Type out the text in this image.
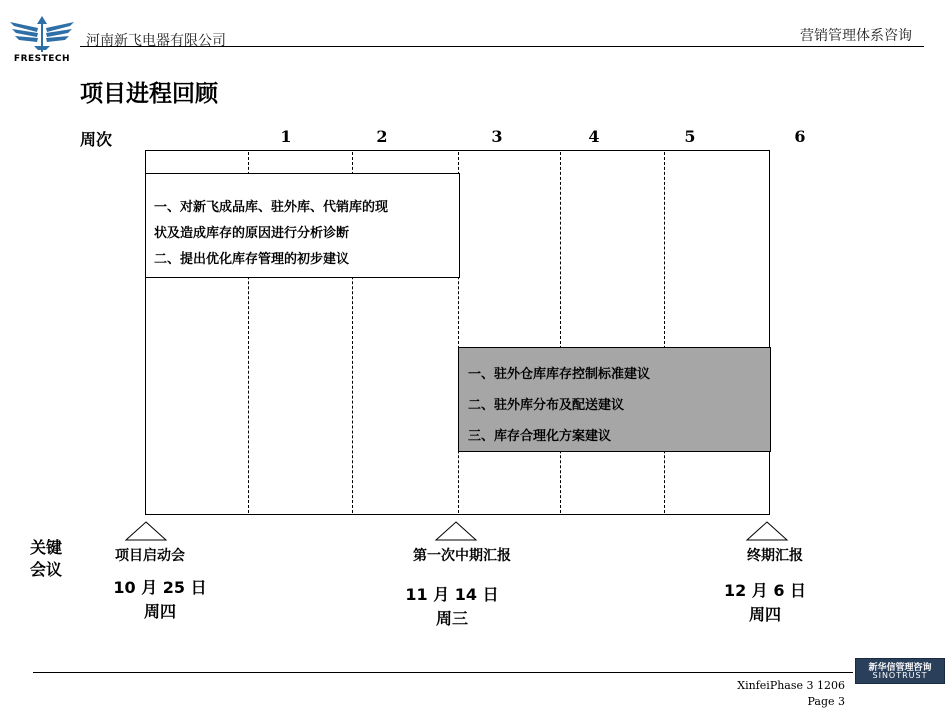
FRESTECH
河南新飞电器有限公司	营销管理体系咨询
项目进程回顾
周次	1	2	3	4	5	6
一、对新飞成品库、驻外库、代销库的现
状及造成库存的原因进行分析诊断
二、提出优化库存管理的初步建议
一、驻外仓库库存控制标准建议
二、驻外库分布及配送建议
三、库存合理化方案建议
关键
会议
项目启动会	第一次中期汇报	终期汇报
10 月 25 日
周四
11 月 14 日
周三
12 月 6 日
周四
新华信管理咨询
SINOTRUST
XinfeiPhase 3 1206
Page 3
